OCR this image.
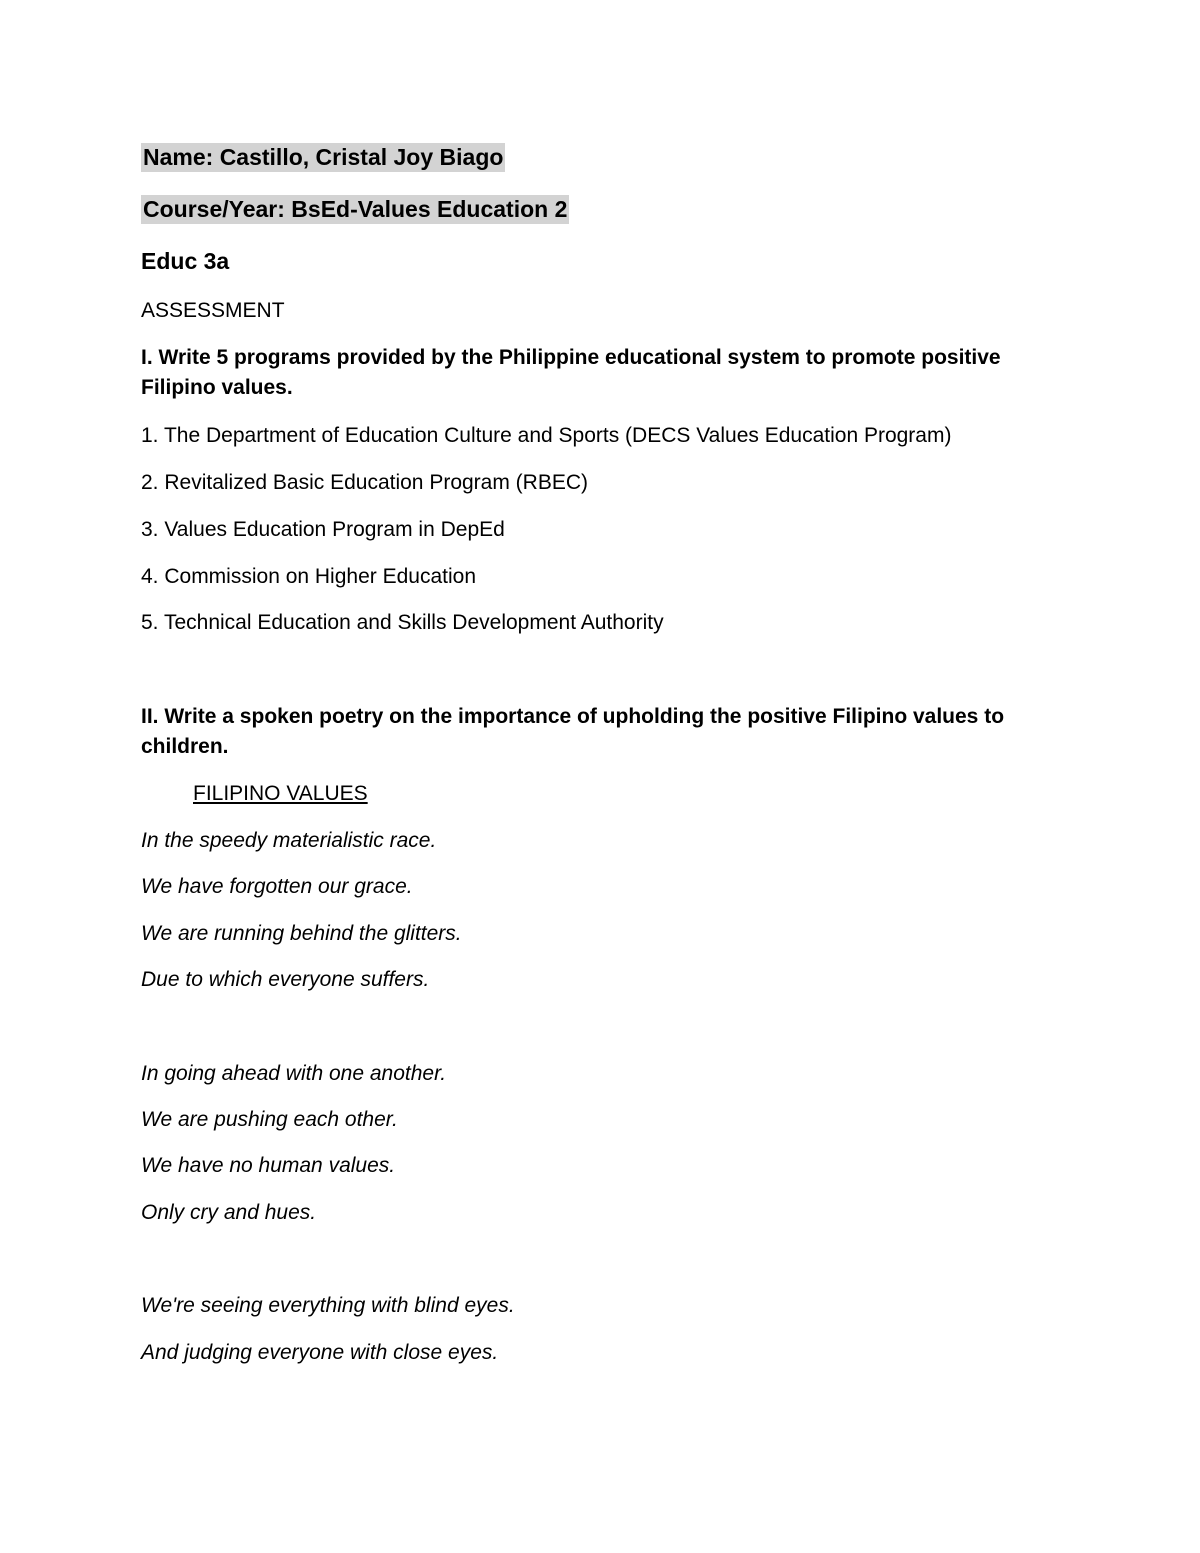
Name: Castillo, Cristal Joy Biago
Course/Year: BsEd-Values Education 2
Educ 3a
ASSESSMENT
I. Write 5 programs provided by the Philippine educational system to promote positive Filipino values.
1. The Department of Education Culture and Sports (DECS Values Education Program)
2. Revitalized Basic Education Program (RBEC)
3. Values Education Program in DepEd
4. Commission on Higher Education
5. Technical Education and Skills Development Authority
II. Write a spoken poetry on the importance of upholding the positive Filipino values to children.
FILIPINO VALUES
In the speedy materialistic race.
We have forgotten our grace.
We are running behind the glitters.
Due to which everyone suffers.
In going ahead with one another.
We are pushing each other.
We have no human values.
Only cry and hues.
We're seeing everything with blind eyes.
And judging everyone with close eyes.
